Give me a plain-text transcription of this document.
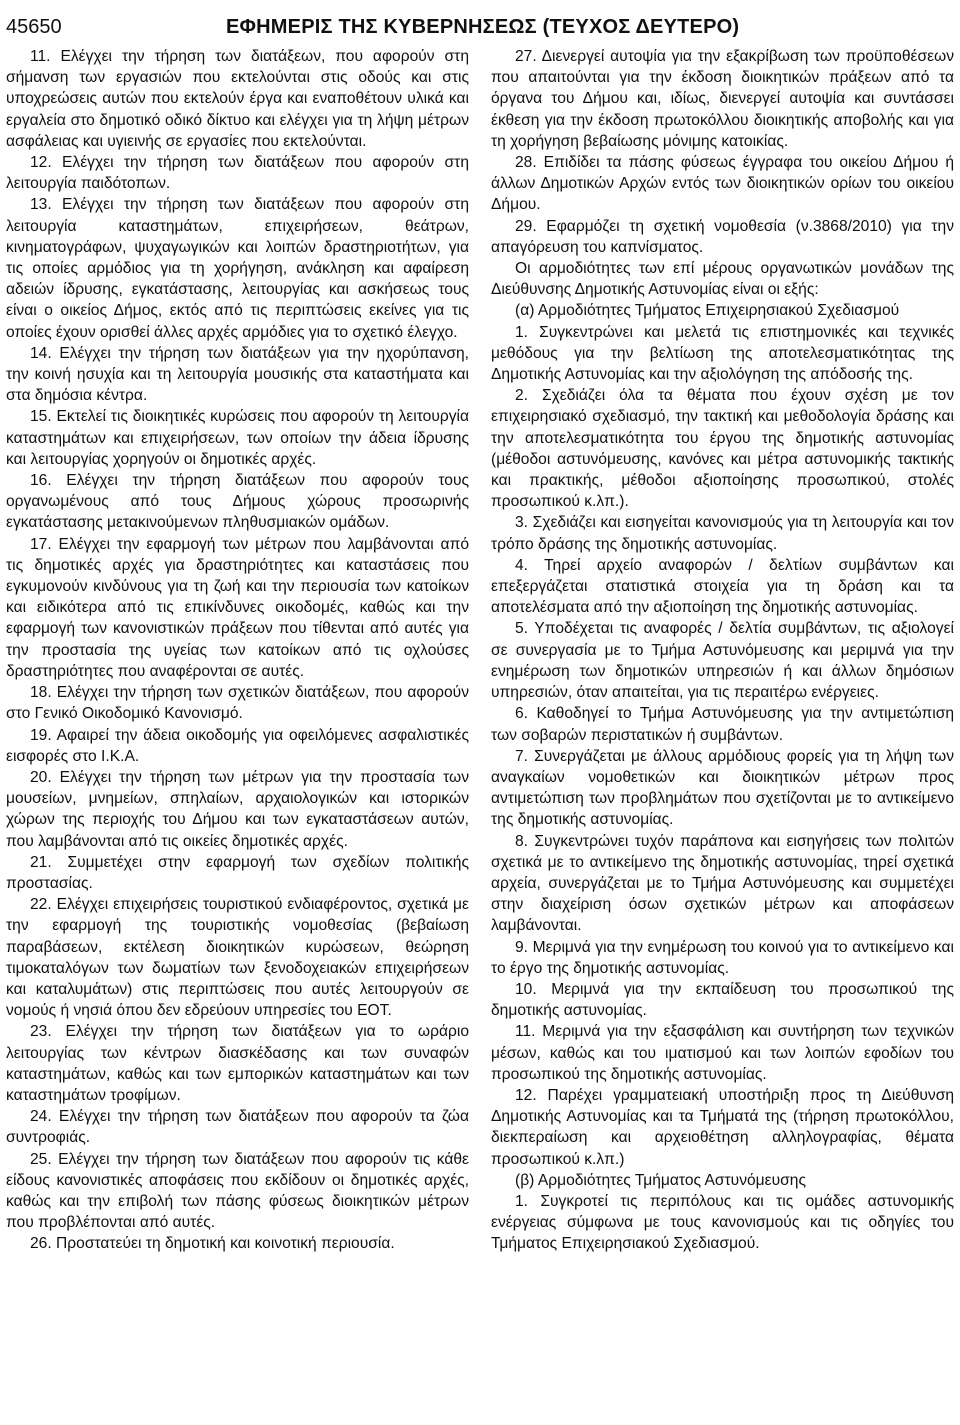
45650	ΕΦΗΜΕΡΙΣ ΤΗΣ ΚΥΒΕΡΝΗΣΕΩΣ (ΤΕΥΧΟΣ ΔΕΥΤΕΡΟ)

11. Ελέγχει την τήρηση των διατάξεων, που αφορούν στη σήμανση των εργασιών που εκτελούνται στις οδούς και στις υποχρεώσεις αυτών που εκτελούν έργα και εναποθέτουν υλικά και εργαλεία στο δημοτικό οδικό δίκτυο και ελέγχει για τη λήψη μέτρων ασφάλειας και υγιεινής σε εργασίες που εκτελούνται.

12. Ελέγχει την τήρηση των διατάξεων που αφορούν στη λειτουργία παιδότοπων.

13. Ελέγχει την τήρηση των διατάξεων που αφορούν στη λειτουργία καταστημάτων, επιχειρήσεων, θεάτρων, κινηματογράφων, ψυχαγωγικών και λοιπών δραστηριοτήτων, για τις οποίες αρμόδιος για τη χορήγηση, ανάκληση και αφαίρεση αδειών ίδρυσης, εγκατάστασης, λειτουργίας και ασκήσεως τους είναι ο οικείος Δήμος, εκτός από τις περιπτώσεις εκείνες για τις οποίες έχουν ορισθεί άλλες αρχές αρμόδιες για το σχετικό έλεγχο.

14. Ελέγχει την τήρηση των διατάξεων για την ηχορύπανση, την κοινή ησυχία και τη λειτουργία μουσικής στα καταστήματα και στα δημόσια κέντρα.

15. Εκτελεί τις διοικητικές κυρώσεις που αφορούν τη λειτουργία καταστημάτων και επιχειρήσεων, των οποίων την άδεια ίδρυσης και λειτουργίας χορηγούν οι δημοτικές αρχές.

16. Ελέγχει την τήρηση διατάξεων που αφορούν τους οργανωμένους από τους Δήμους χώρους προσωρινής εγκατάστασης μετακινούμενων πληθυσμιακών ομάδων.

17. Ελέγχει την εφαρμογή των μέτρων που λαμβάνονται από τις δημοτικές αρχές για δραστηριότητες και καταστάσεις που εγκυμονούν κινδύνους για τη ζωή και την περιουσία των κατοίκων και ειδικότερα από τις επικίνδυνες οικοδομές, καθώς και την εφαρμογή των κανονιστικών πράξεων που τίθενται από αυτές για την προστασία της υγείας των κατοίκων από τις οχλούσες δραστηριότητες που αναφέρονται σε αυτές.

18. Ελέγχει την τήρηση των σχετικών διατάξεων, που αφορούν στο Γενικό Οικοδομικό Κανονισμό.

19. Αφαιρεί την άδεια οικοδομής για οφειλόμενες ασφαλιστικές εισφορές στο Ι.Κ.Α.

20. Ελέγχει την τήρηση των μέτρων για την προστασία των μουσείων, μνημείων, σπηλαίων, αρχαιολογικών και ιστορικών χώρων της περιοχής του Δήμου και των εγκαταστάσεων αυτών, που λαμβάνονται από τις οικείες δημοτικές αρχές.

21. Συμμετέχει στην εφαρμογή των σχεδίων πολιτικής προστασίας.

22. Ελέγχει επιχειρήσεις τουριστικού ενδιαφέροντος, σχετικά με την εφαρμογή της τουριστικής νομοθεσίας (βεβαίωση παραβάσεων, εκτέλεση διοικητικών κυρώσεων, θεώρηση τιμοκαταλόγων των δωματίων των ξενοδοχειακών επιχειρήσεων και καταλυμάτων) στις περιπτώσεις που αυτές λειτουργούν σε νομούς ή νησιά όπου δεν εδρεύουν υπηρεσίες του ΕΟΤ.

23. Ελέγχει την τήρηση των διατάξεων για το ωράριο λειτουργίας των κέντρων διασκέδασης και των συναφών καταστημάτων, καθώς και των εμπορικών καταστημάτων και των καταστημάτων τροφίμων.

24. Ελέγχει την τήρηση των διατάξεων που αφορούν τα ζώα συντροφιάς.

25. Ελέγχει την τήρηση των διατάξεων που αφορούν τις κάθε είδους κανονιστικές αποφάσεις που εκδίδουν οι δημοτικές αρχές, καθώς και την επιβολή των πάσης φύσεως διοικητικών μέτρων που προβλέπονται από αυτές.

26. Προστατεύει τη δημοτική και κοινοτική περιουσία.

27. Διενεργεί αυτοψία για την εξακρίβωση των προϋποθέσεων που απαιτούνται για την έκδοση διοικητικών πράξεων από τα όργανα του Δήμου και, ιδίως, διενεργεί αυτοψία και συντάσσει έκθεση για την έκδοση πρωτοκόλλου διοικητικής αποβολής και για τη χορήγηση βεβαίωσης μόνιμης κατοικίας.

28. Επιδίδει τα πάσης φύσεως έγγραφα του οικείου Δήμου ή άλλων Δημοτικών Αρχών εντός των διοικητικών ορίων του οικείου Δήμου.

29. Εφαρμόζει τη σχετική νομοθεσία (ν.3868/2010) για την απαγόρευση του καπνίσματος.

Οι αρμοδιότητες των επί μέρους οργανωτικών μονάδων της Διεύθυνσης Δημοτικής Αστυνομίας είναι οι εξής:

(α) Αρμοδιότητες Τμήματος Επιχειρησιακού Σχεδιασμού

1. Συγκεντρώνει και μελετά τις επιστημονικές και τεχνικές μεθόδους για την βελτίωση της αποτελεσματικότητας της Δημοτικής Αστυνομίας και την αξιολόγηση της απόδοσής της.

2. Σχεδιάζει όλα τα θέματα που έχουν σχέση με τον επιχειρησιακό σχεδιασμό, την τακτική και μεθοδολογία δράσης και την αποτελεσματικότητα του έργου της δημοτικής αστυνομίας (μέθοδοι αστυνόμευσης, κανόνες και μέτρα αστυνομικής τακτικής και πρακτικής, μέθοδοι αξιοποίησης προσωπικού, στολές προσωπικού κ.λπ.).

3. Σχεδιάζει και εισηγείται κανονισμούς για τη λειτουργία και τον τρόπο δράσης της δημοτικής αστυνομίας.

4. Τηρεί αρχείο αναφορών / δελτίων συμβάντων και επεξεργάζεται στατιστικά στοιχεία για τη δράση και τα αποτελέσματα από την αξιοποίηση της δημοτικής αστυνομίας.

5. Υποδέχεται τις αναφορές / δελτία συμβάντων, τις αξιολογεί σε συνεργασία με το Τμήμα Αστυνόμευσης και μεριμνά για την ενημέρωση των δημοτικών υπηρεσιών ή και άλλων δημόσιων υπηρεσιών, όταν απαιτείται, για τις περαιτέρω ενέργειες.

6. Καθοδηγεί το Τμήμα Αστυνόμευσης για την αντιμετώπιση των σοβαρών περιστατικών ή συμβάντων.

7. Συνεργάζεται με άλλους αρμόδιους φορείς για τη λήψη των αναγκαίων νομοθετικών και διοικητικών μέτρων προς αντιμετώπιση των προβλημάτων που σχετίζονται με το αντικείμενο της δημοτικής αστυνομίας.

8. Συγκεντρώνει τυχόν παράπονα και εισηγήσεις των πολιτών σχετικά με το αντικείμενο της δημοτικής αστυνομίας, τηρεί σχετικά αρχεία, συνεργάζεται με το Τμήμα Αστυνόμευσης και συμμετέχει στην διαχείριση όσων σχετικών μέτρων και αποφάσεων λαμβάνονται.

9. Μεριμνά για την ενημέρωση του κοινού για το αντικείμενο και το έργο της δημοτικής αστυνομίας.

10. Μεριμνά για την εκπαίδευση του προσωπικού της δημοτικής αστυνομίας.

11. Μεριμνά για την εξασφάλιση και συντήρηση των τεχνικών μέσων, καθώς και του ιματισμού και των λοιπών εφοδίων του προσωπικού της δημοτικής αστυνομίας.

12. Παρέχει γραμματειακή υποστήριξη προς τη Διεύθυνση Δημοτικής Αστυνομίας και τα Τμήματά της (τήρηση πρωτοκόλλου, διεκπεραίωση και αρχειοθέτηση αλληλογραφίας, θέματα προσωπικού κ.λπ.)

(β) Αρμοδιότητες Τμήματος Αστυνόμευσης

1. Συγκροτεί τις περιπόλους και τις ομάδες αστυνομικής ενέργειας σύμφωνα με τους κανονισμούς και τις οδηγίες του Τμήματος Επιχειρησιακού Σχεδιασμού.
